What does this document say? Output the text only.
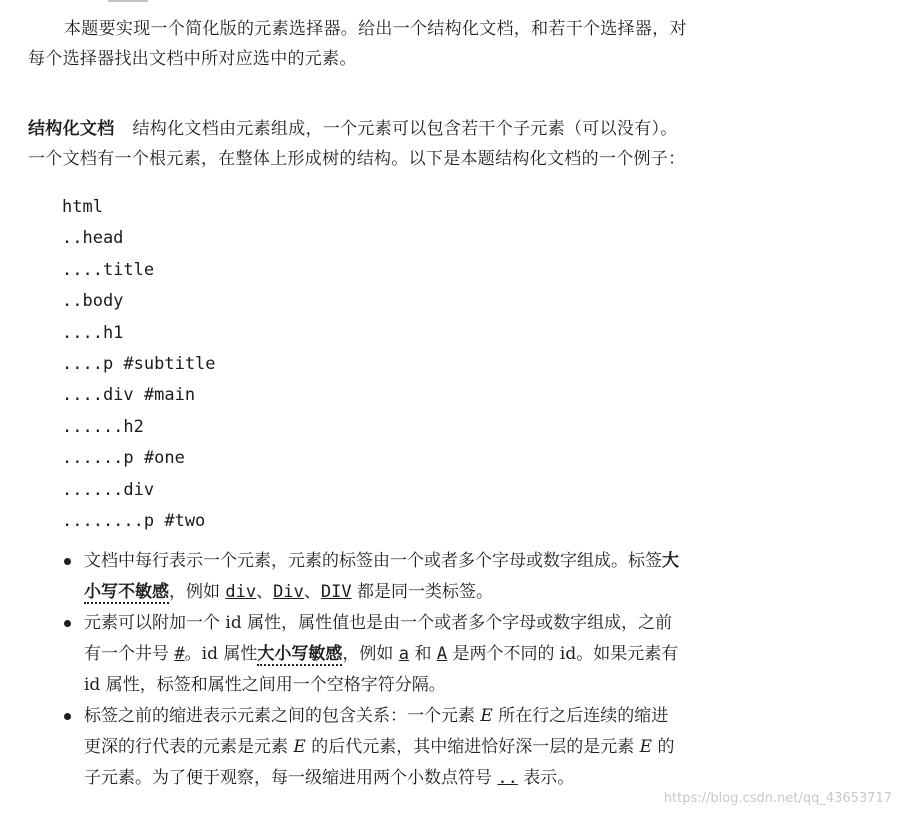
本题要实现一个简化版的元素选择器。给出一个结构化文档，和若干个选择器，对
每个选择器找出文档中所对应选中的元素。
结构化文档 结构化文档由元素组成，一个元素可以包含若干个子元素（可以没有）。
一个文档有一个根元素，在整体上形成树的结构。以下是本题结构化文档的一个例子：
html
..head
....title
..body
....h1
....p #subtitle
....div #main
......h2
......p #one
......div
........p #two
文档中每行表示一个元素，元素的标签由一个或者多个字母或数字组成。标签大
小写不敏感，例如 div、Div、DIV 都是同一类标签。
元素可以附加一个 id 属性，属性值也是由一个或者多个字母或数字组成，之前
有一个井号 #。id 属性大小写敏感，例如 a 和 A 是两个不同的 id。如果元素有
id 属性，标签和属性之间用一个空格字符分隔。
标签之前的缩进表示元素之间的包含关系：一个元素 E 所在行之后连续的缩进
更深的行代表的元素是元素 E 的后代元素，其中缩进恰好深一层的是元素 E 的
子元素。为了便于观察，每一级缩进用两个小数点符号 .. 表示。
https://blog.csdn.net/qq_43653717
